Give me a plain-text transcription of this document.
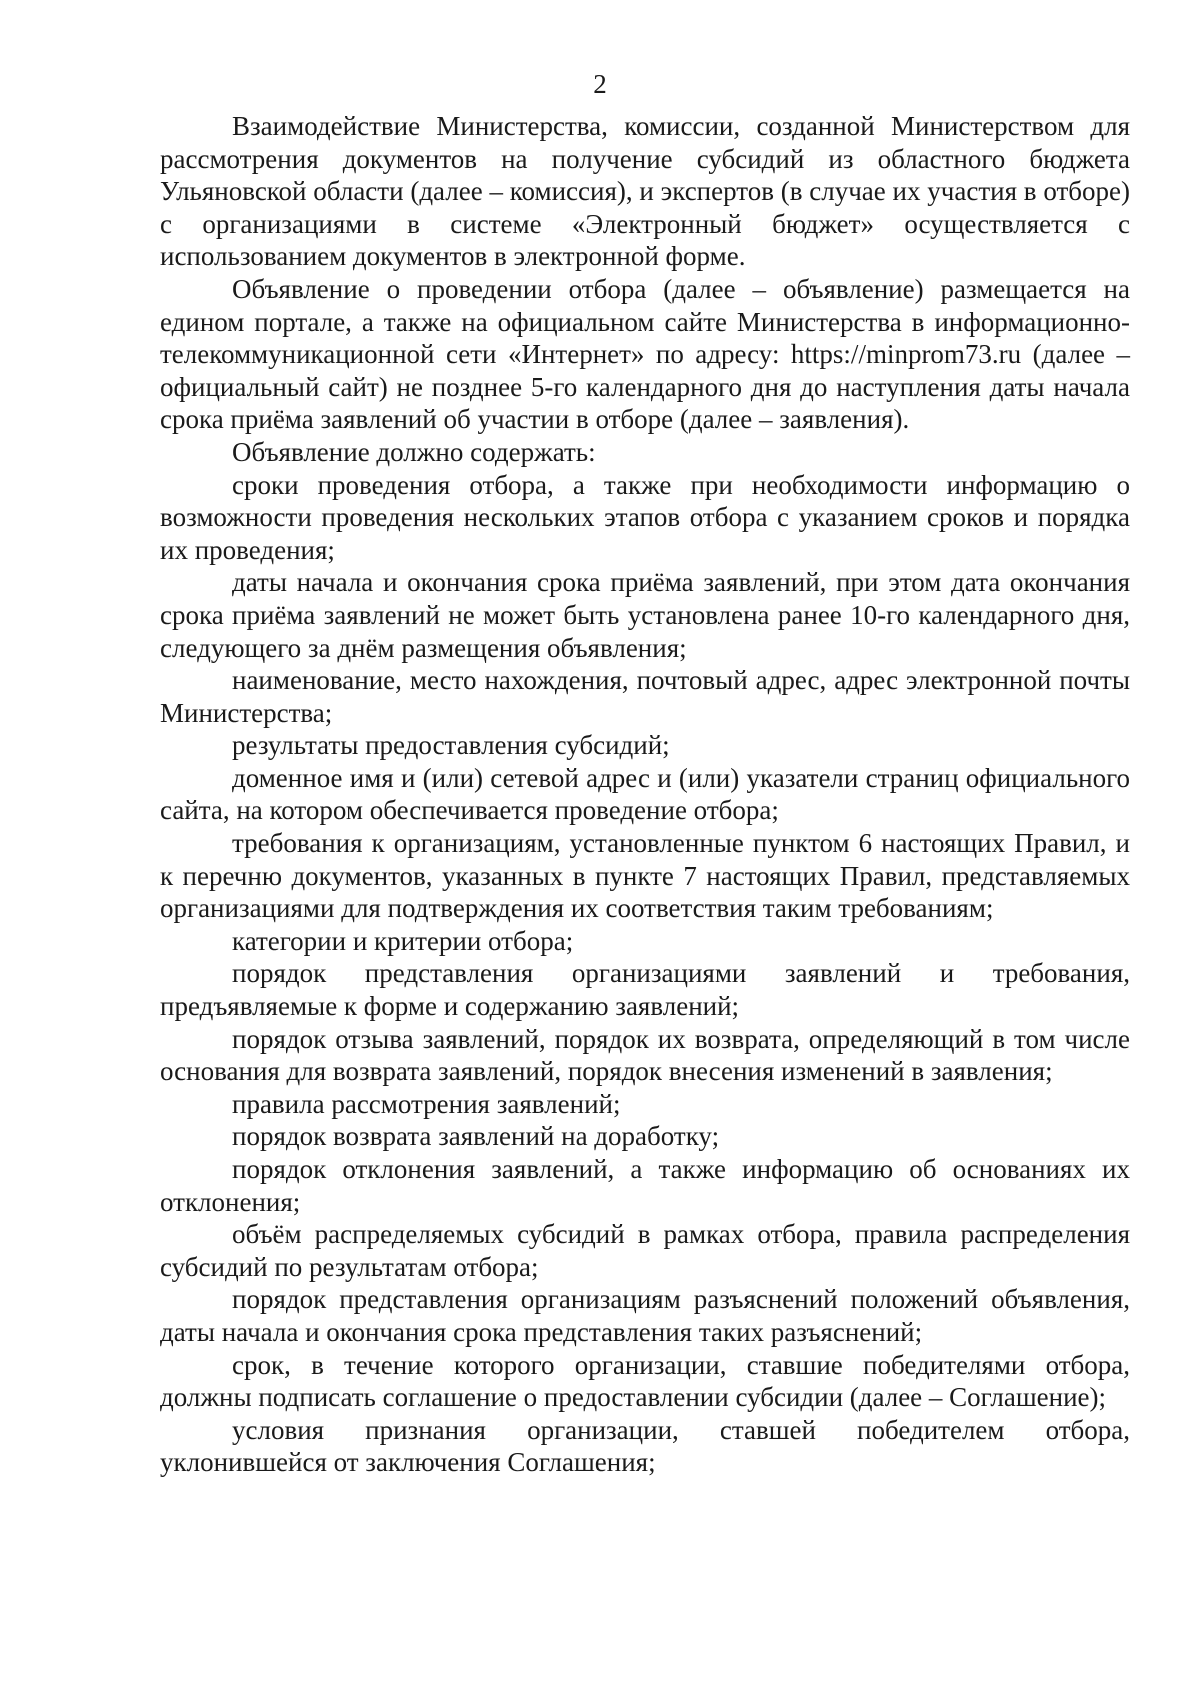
2

Взаимодействие Министерства, комиссии, созданной Министерством для рассмотрения документов на получение субсидий из областного бюджета Ульяновской области (далее – комиссия), и экспертов (в случае их участия в отборе) с организациями в системе «Электронный бюджет» осуществляется с использованием документов в электронной форме.

Объявление о проведении отбора (далее – объявление) размещается на едином портале, а также на официальном сайте Министерства в информационно-телекоммуникационной сети «Интернет» по адресу: https://minprom73.ru (далее – официальный сайт) не позднее 5-го календарного дня до наступления даты начала срока приёма заявлений об участии в отборе (далее – заявления).

Объявление должно содержать:

сроки проведения отбора, а также при необходимости информацию о возможности проведения нескольких этапов отбора с указанием сроков и порядка их проведения;

даты начала и окончания срока приёма заявлений, при этом дата окончания срока приёма заявлений не может быть установлена ранее 10-го календарного дня, следующего за днём размещения объявления;

наименование, место нахождения, почтовый адрес, адрес электронной почты Министерства;

результаты предоставления субсидий;

доменное имя и (или) сетевой адрес и (или) указатели страниц официального сайта, на котором обеспечивается проведение отбора;

требования к организациям, установленные пунктом 6 настоящих Правил, и к перечню документов, указанных в пункте 7 настоящих Правил, представляемых организациями для подтверждения их соответствия таким требованиям;

категории и критерии отбора;

порядок представления организациями заявлений и требования, предъявляемые к форме и содержанию заявлений;

порядок отзыва заявлений, порядок их возврата, определяющий в том числе основания для возврата заявлений, порядок внесения изменений в заявления;

правила рассмотрения заявлений;

порядок возврата заявлений на доработку;

порядок отклонения заявлений, а также информацию об основаниях их отклонения;

объём распределяемых субсидий в рамках отбора, правила распределения субсидий по результатам отбора;

порядок представления организациям разъяснений положений объявления, даты начала и окончания срока представления таких разъяснений;

срок, в течение которого организации, ставшие победителями отбора, должны подписать соглашение о предоставлении субсидии (далее – Соглашение);

условия признания организации, ставшей победителем отбора, уклонившейся от заключения Соглашения;
